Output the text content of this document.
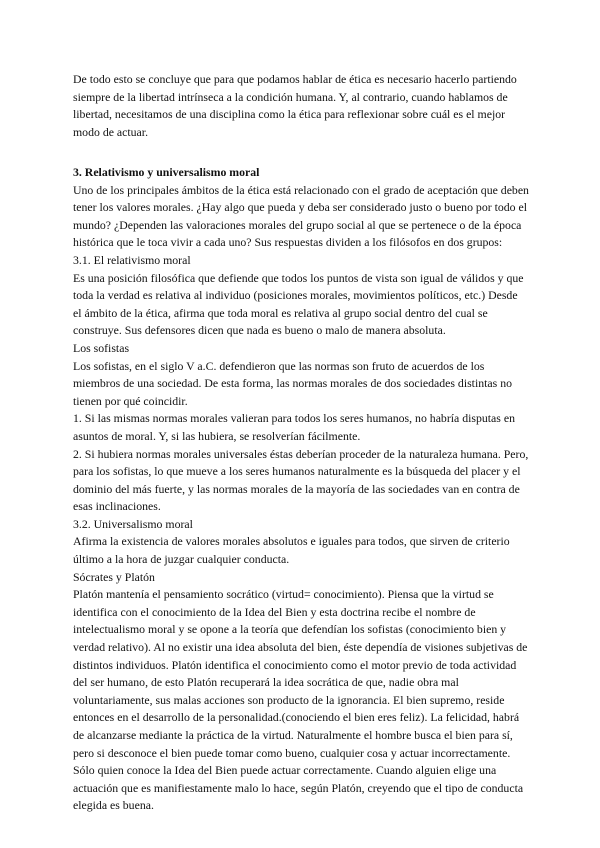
De todo esto se concluye que para que podamos hablar de ética es necesario hacerlo partiendo siempre de la libertad intrínseca a la condición humana. Y, al contrario, cuando hablamos de libertad, necesitamos de una disciplina como la ética para reflexionar sobre cuál es el mejor modo de actuar.

3. Relativismo y universalismo moral

Uno de los principales ámbitos de la ética está relacionado con el grado de aceptación que deben tener los valores morales. ¿Hay algo que pueda y deba ser considerado justo o bueno por todo el mundo? ¿Dependen las valoraciones morales del grupo social al que se pertenece o de la época histórica que le toca vivir a cada uno? Sus respuestas dividen a los filósofos en dos grupos:

3.1. El relativismo moral

Es una posición filosófica que defiende que todos los puntos de vista son igual de válidos y que toda la verdad es relativa al individuo (posiciones morales, movimientos políticos, etc.) Desde el ámbito de la ética, afirma que toda moral es relativa al grupo social dentro del cual se construye. Sus defensores dicen que nada es bueno o malo de manera absoluta.

Los sofistas

Los sofistas, en el siglo V a.C. defendieron que las normas son fruto de acuerdos de los miembros de una sociedad. De esta forma, las normas morales de dos sociedades distintas no tienen por qué coincidir.

1. Si las mismas normas morales valieran para todos los seres humanos, no habría disputas en asuntos de moral. Y, si las hubiera, se resolverían fácilmente.

2. Si hubiera normas morales universales éstas deberían proceder de la naturaleza humana. Pero, para los sofistas, lo que mueve a los seres humanos naturalmente es la búsqueda del placer y el dominio del más fuerte, y las normas morales de la mayoría de las sociedades van en contra de esas inclinaciones.

3.2. Universalismo moral

Afirma la existencia de valores morales absolutos e iguales para todos, que sirven de criterio último a la hora de juzgar cualquier conducta.

Sócrates y Platón

Platón mantenía el pensamiento socrático (virtud= conocimiento). Piensa que la virtud se identifica con el conocimiento de la Idea del Bien y esta doctrina recibe el nombre de intelectualismo moral y se opone a la teoría que defendían los sofistas (conocimiento bien y verdad relativo). Al no existir una idea absoluta del bien, éste dependía de visiones subjetivas de distintos individuos. Platón identifica el conocimiento como el motor previo de toda actividad del ser humano, de esto Platón recuperará la idea socrática de que, nadie obra mal voluntariamente, sus malas acciones son producto de la ignorancia. El bien supremo, reside entonces en el desarrollo de la personalidad.(conociendo el bien eres feliz). La felicidad, habrá de alcanzarse mediante la práctica de la virtud. Naturalmente el hombre busca el bien para sí, pero si desconoce el bien puede tomar como bueno, cualquier cosa y actuar incorrectamente. Sólo quien conoce la Idea del Bien puede actuar correctamente. Cuando alguien elige una actuación que es manifiestamente malo lo hace, según Platón, creyendo que el tipo de conducta elegida es buena.
